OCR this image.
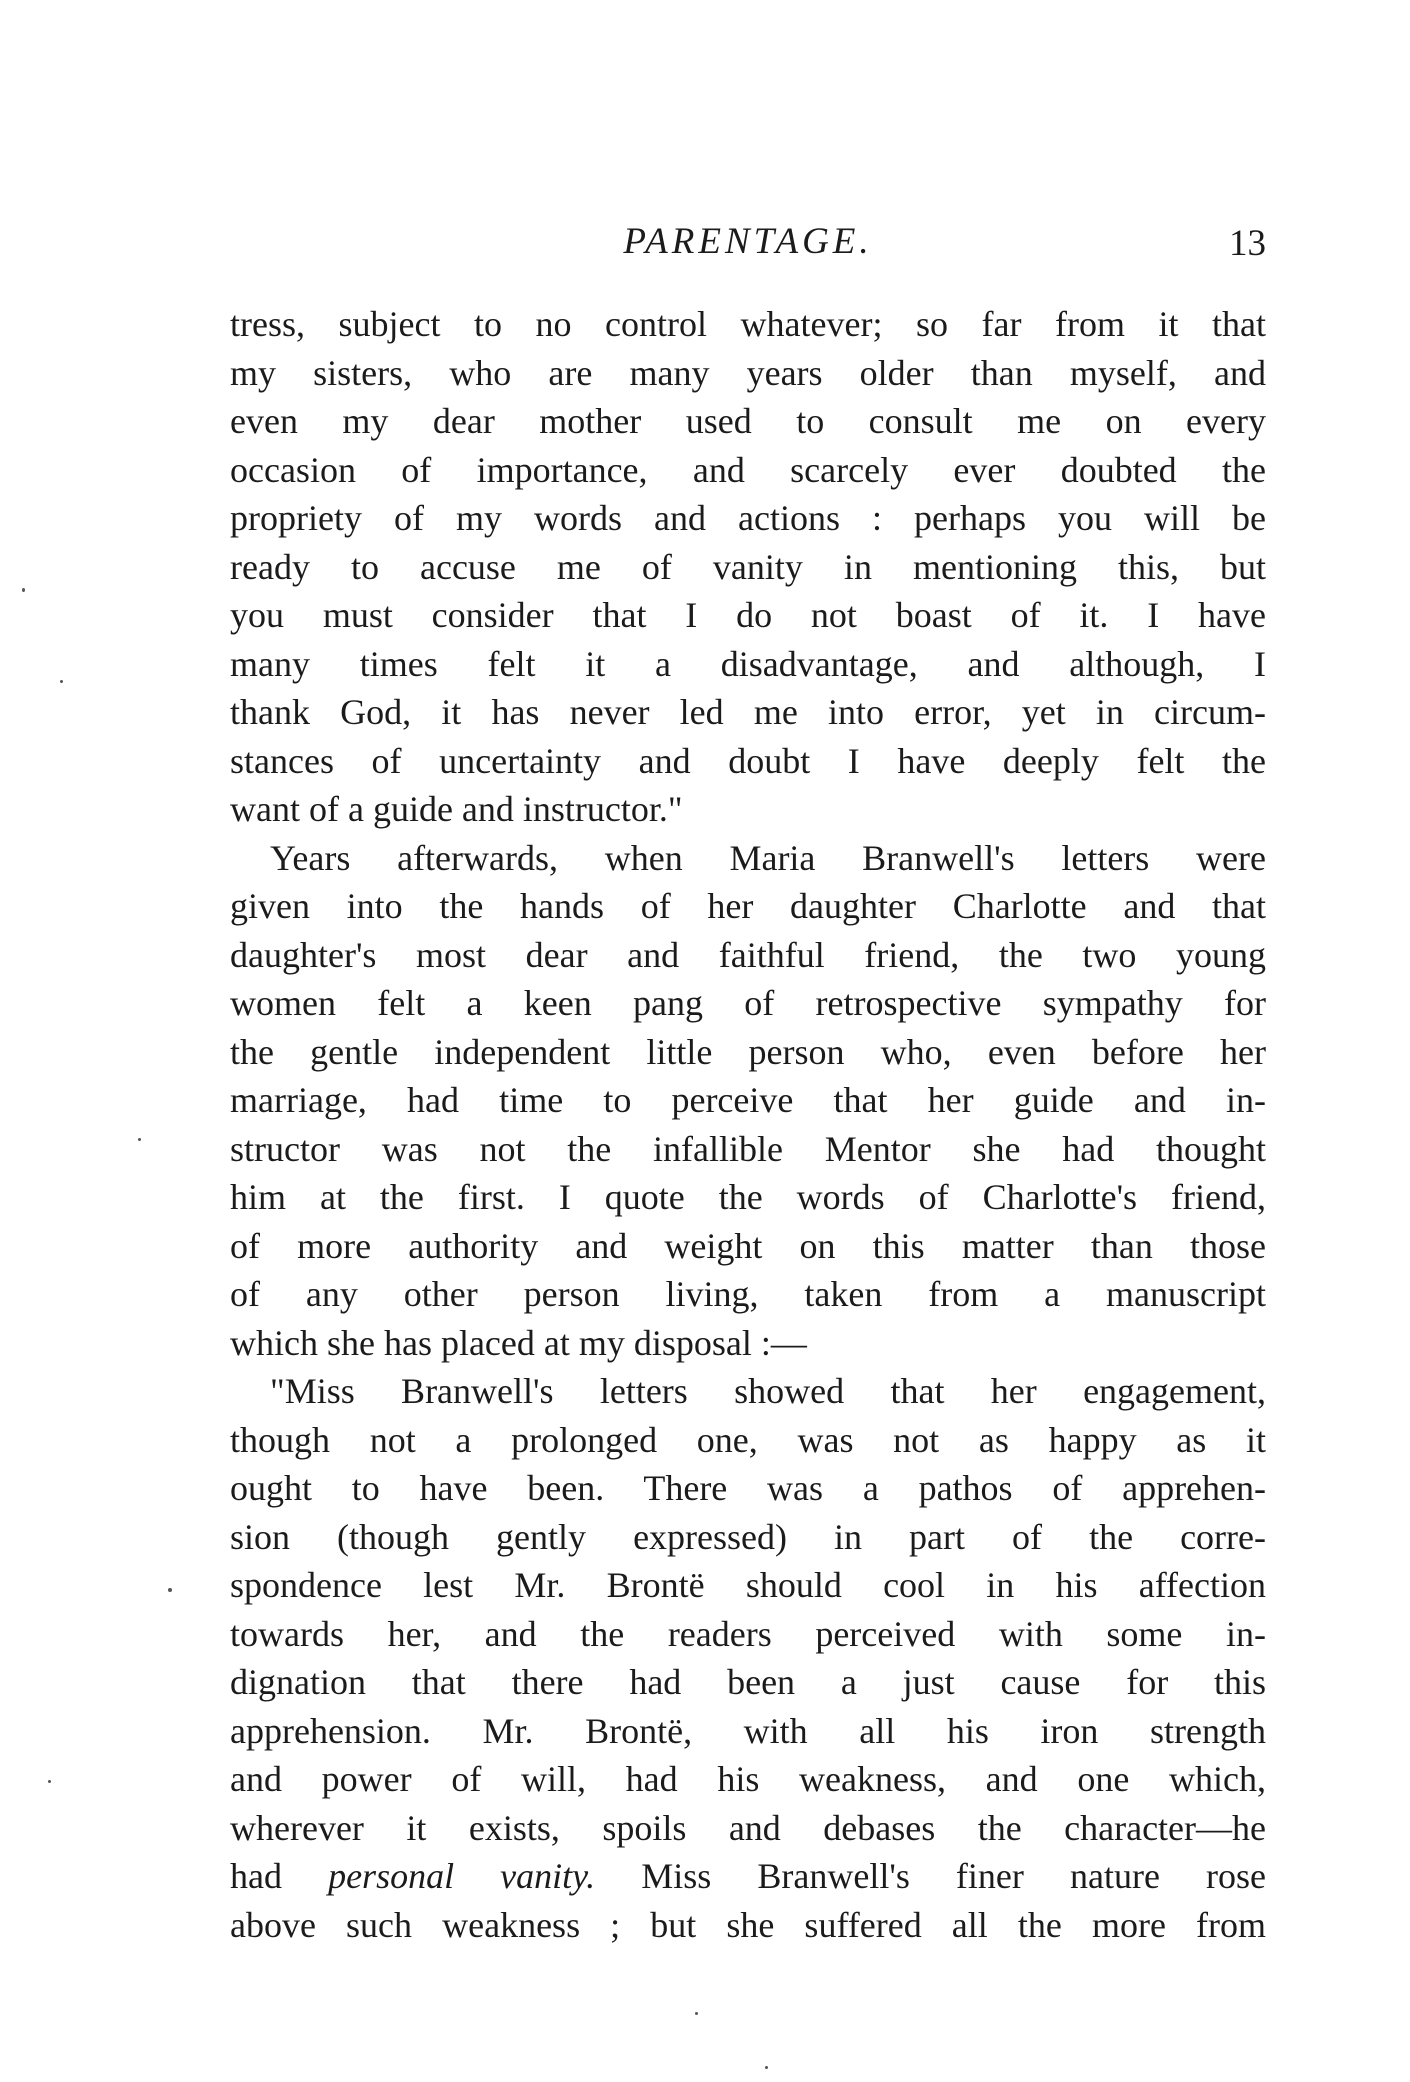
PARENTAGE.	13
tress, subject to no control whatever; so far from it that
my sisters, who are many years older than myself, and
even my dear mother used to consult me on every
occasion of importance, and scarcely ever doubted the
propriety of my words and actions : perhaps you will be
ready to accuse me of vanity in mentioning this, but
you must consider that I do not boast of it. I have
many times felt it a disadvantage, and although, I
thank God, it has never led me into error, yet in circum-
stances of uncertainty and doubt I have deeply felt the
want of a guide and instructor."
Years afterwards, when Maria Branwell's letters were
given into the hands of her daughter Charlotte and that
daughter's most dear and faithful friend, the two young
women felt a keen pang of retrospective sympathy for
the gentle independent little person who, even before her
marriage, had time to perceive that her guide and in-
structor was not the infallible Mentor she had thought
him at the first. I quote the words of Charlotte's friend,
of more authority and weight on this matter than those
of any other person living, taken from a manuscript
which she has placed at my disposal :—
"Miss Branwell's letters showed that her engagement,
though not a prolonged one, was not as happy as it
ought to have been. There was a pathos of apprehen-
sion (though gently expressed) in part of the corre-
spondence lest Mr. Brontë should cool in his affection
towards her, and the readers perceived with some in-
dignation that there had been a just cause for this
apprehension. Mr. Brontë, with all his iron strength
and power of will, had his weakness, and one which,
wherever it exists, spoils and debases the character—he
had personal vanity. Miss Branwell's finer nature rose
above such weakness ; but she suffered all the more from
